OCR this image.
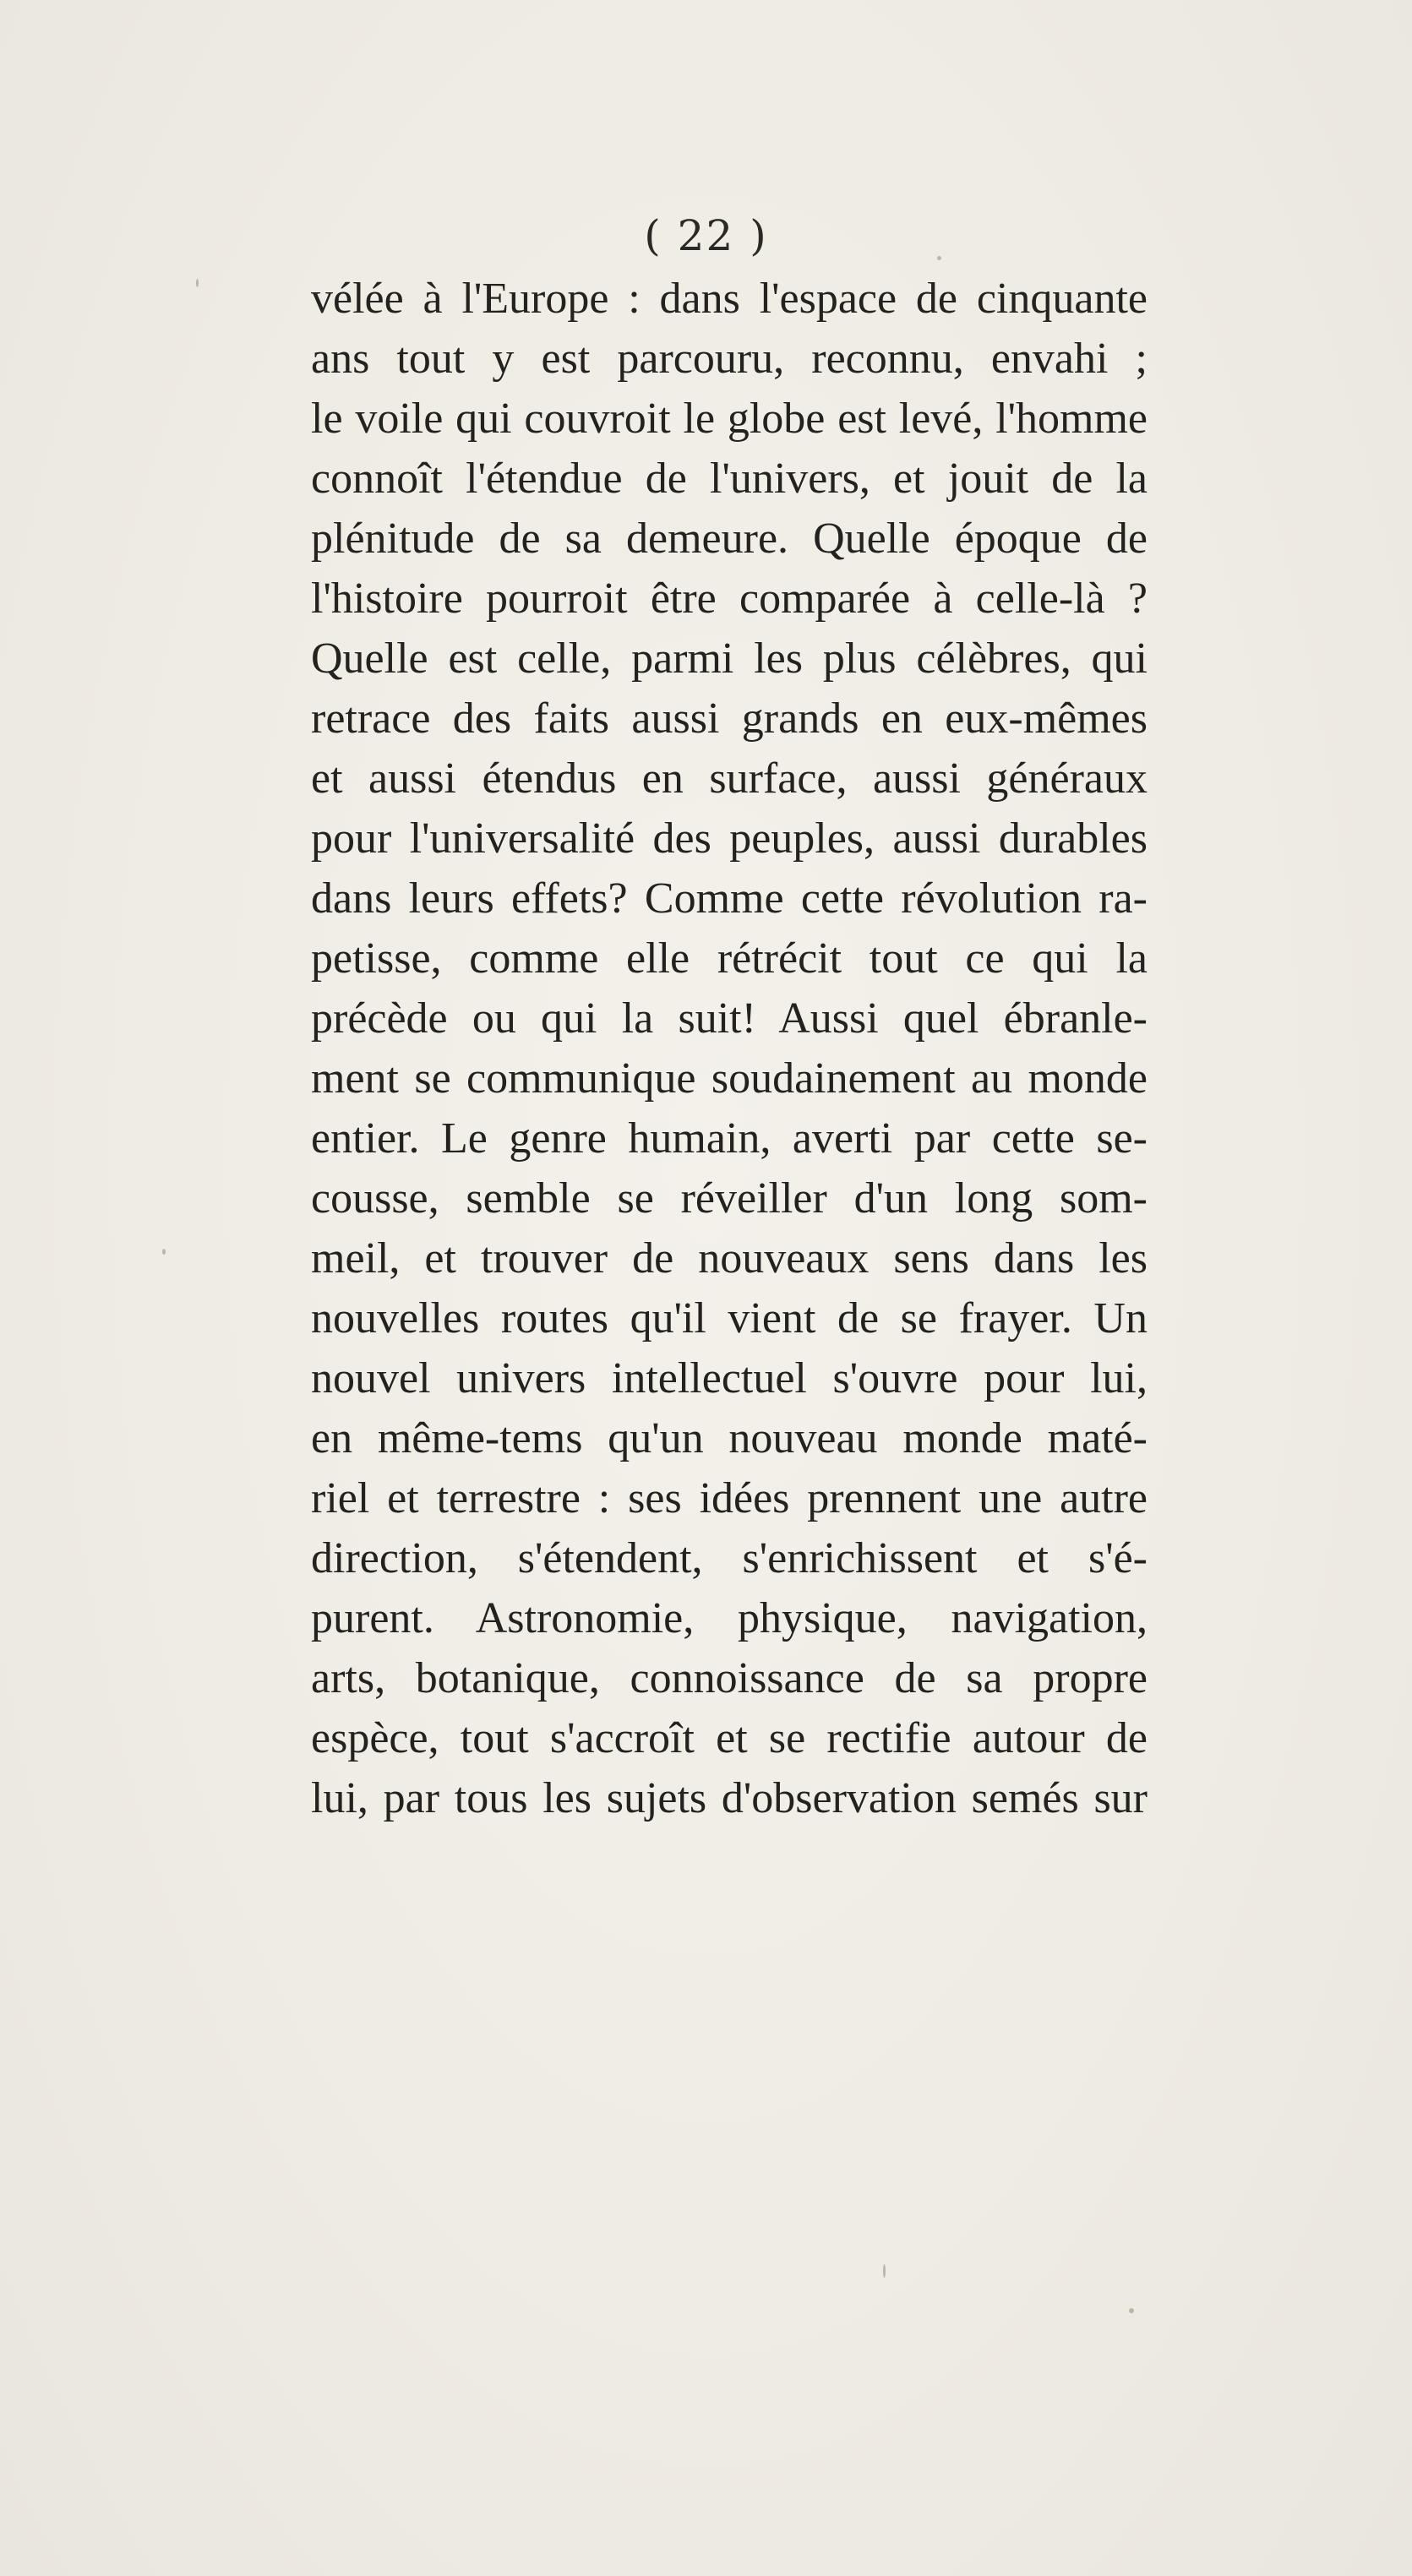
( 22 )
vélée à l'Europe : dans l'espace de cinquante
ans tout y est parcouru, reconnu, envahi ;
le voile qui couvroit le globe est levé, l'homme
connoît l'étendue de l'univers, et jouit de la
plénitude de sa demeure. Quelle époque de
l'histoire pourroit être comparée à celle-là ?
Quelle est celle, parmi les plus célèbres, qui
retrace des faits aussi grands en eux-mêmes
et aussi étendus en surface, aussi généraux
pour l'universalité des peuples, aussi durables
dans leurs effets? Comme cette révolution ra-
petisse, comme elle rétrécit tout ce qui la
précède ou qui la suit! Aussi quel ébranle-
ment se communique soudainement au monde
entier. Le genre humain, averti par cette se-
cousse, semble se réveiller d'un long som-
meil, et trouver de nouveaux sens dans les
nouvelles routes qu'il vient de se frayer. Un
nouvel univers intellectuel s'ouvre pour lui,
en même-tems qu'un nouveau monde maté-
riel et terrestre : ses idées prennent une autre
direction, s'étendent, s'enrichissent et s'é-
purent. Astronomie, physique, navigation,
arts, botanique, connoissance de sa propre
espèce, tout s'accroît et se rectifie autour de
lui, par tous les sujets d'observation semés sur
